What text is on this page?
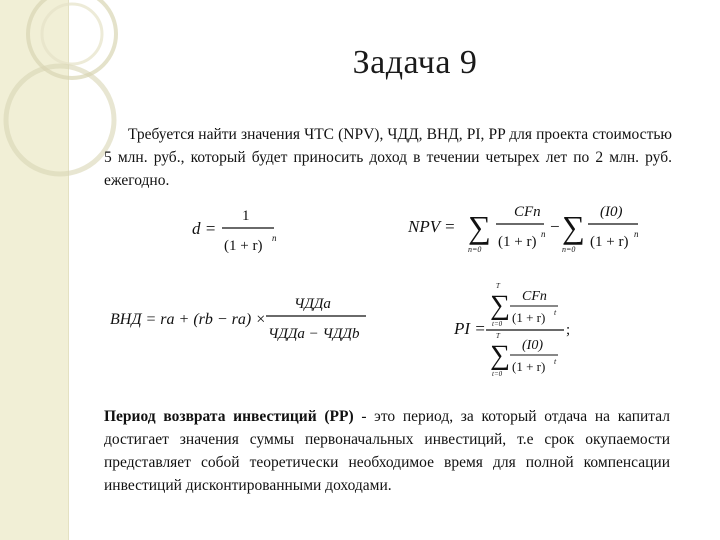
Задача 9
Требуется найти значения ЧТС (NPV), ЧДД, ВНД, PI, PP для проекта стоимостью 5 млн. руб., который будет приносить доход в течении четырех лет по 2 млн. руб. ежегодно.
d =
1
(1 + r) n
NPV = ∑
n=0
CFn
(1 + r) n − ∑
n=0
(I0)
(1 + r) n
ВНД = ra + (rb − ra) ×
ЧДДа
ЧДДа − ЧДДb	PI =
T
∑
t=0
CFn
(1 + r) t
;
T
∑
t=0
(I0)
(1 + r) t
Период возврата инвестиций (PP) - это период, за который отдача на капитал достигает значения суммы первоначальных инвестиций, т.е срок окупаемости представляет собой теоретически необходимое время для полной компенсации инвестиций дисконтированными доходами.
